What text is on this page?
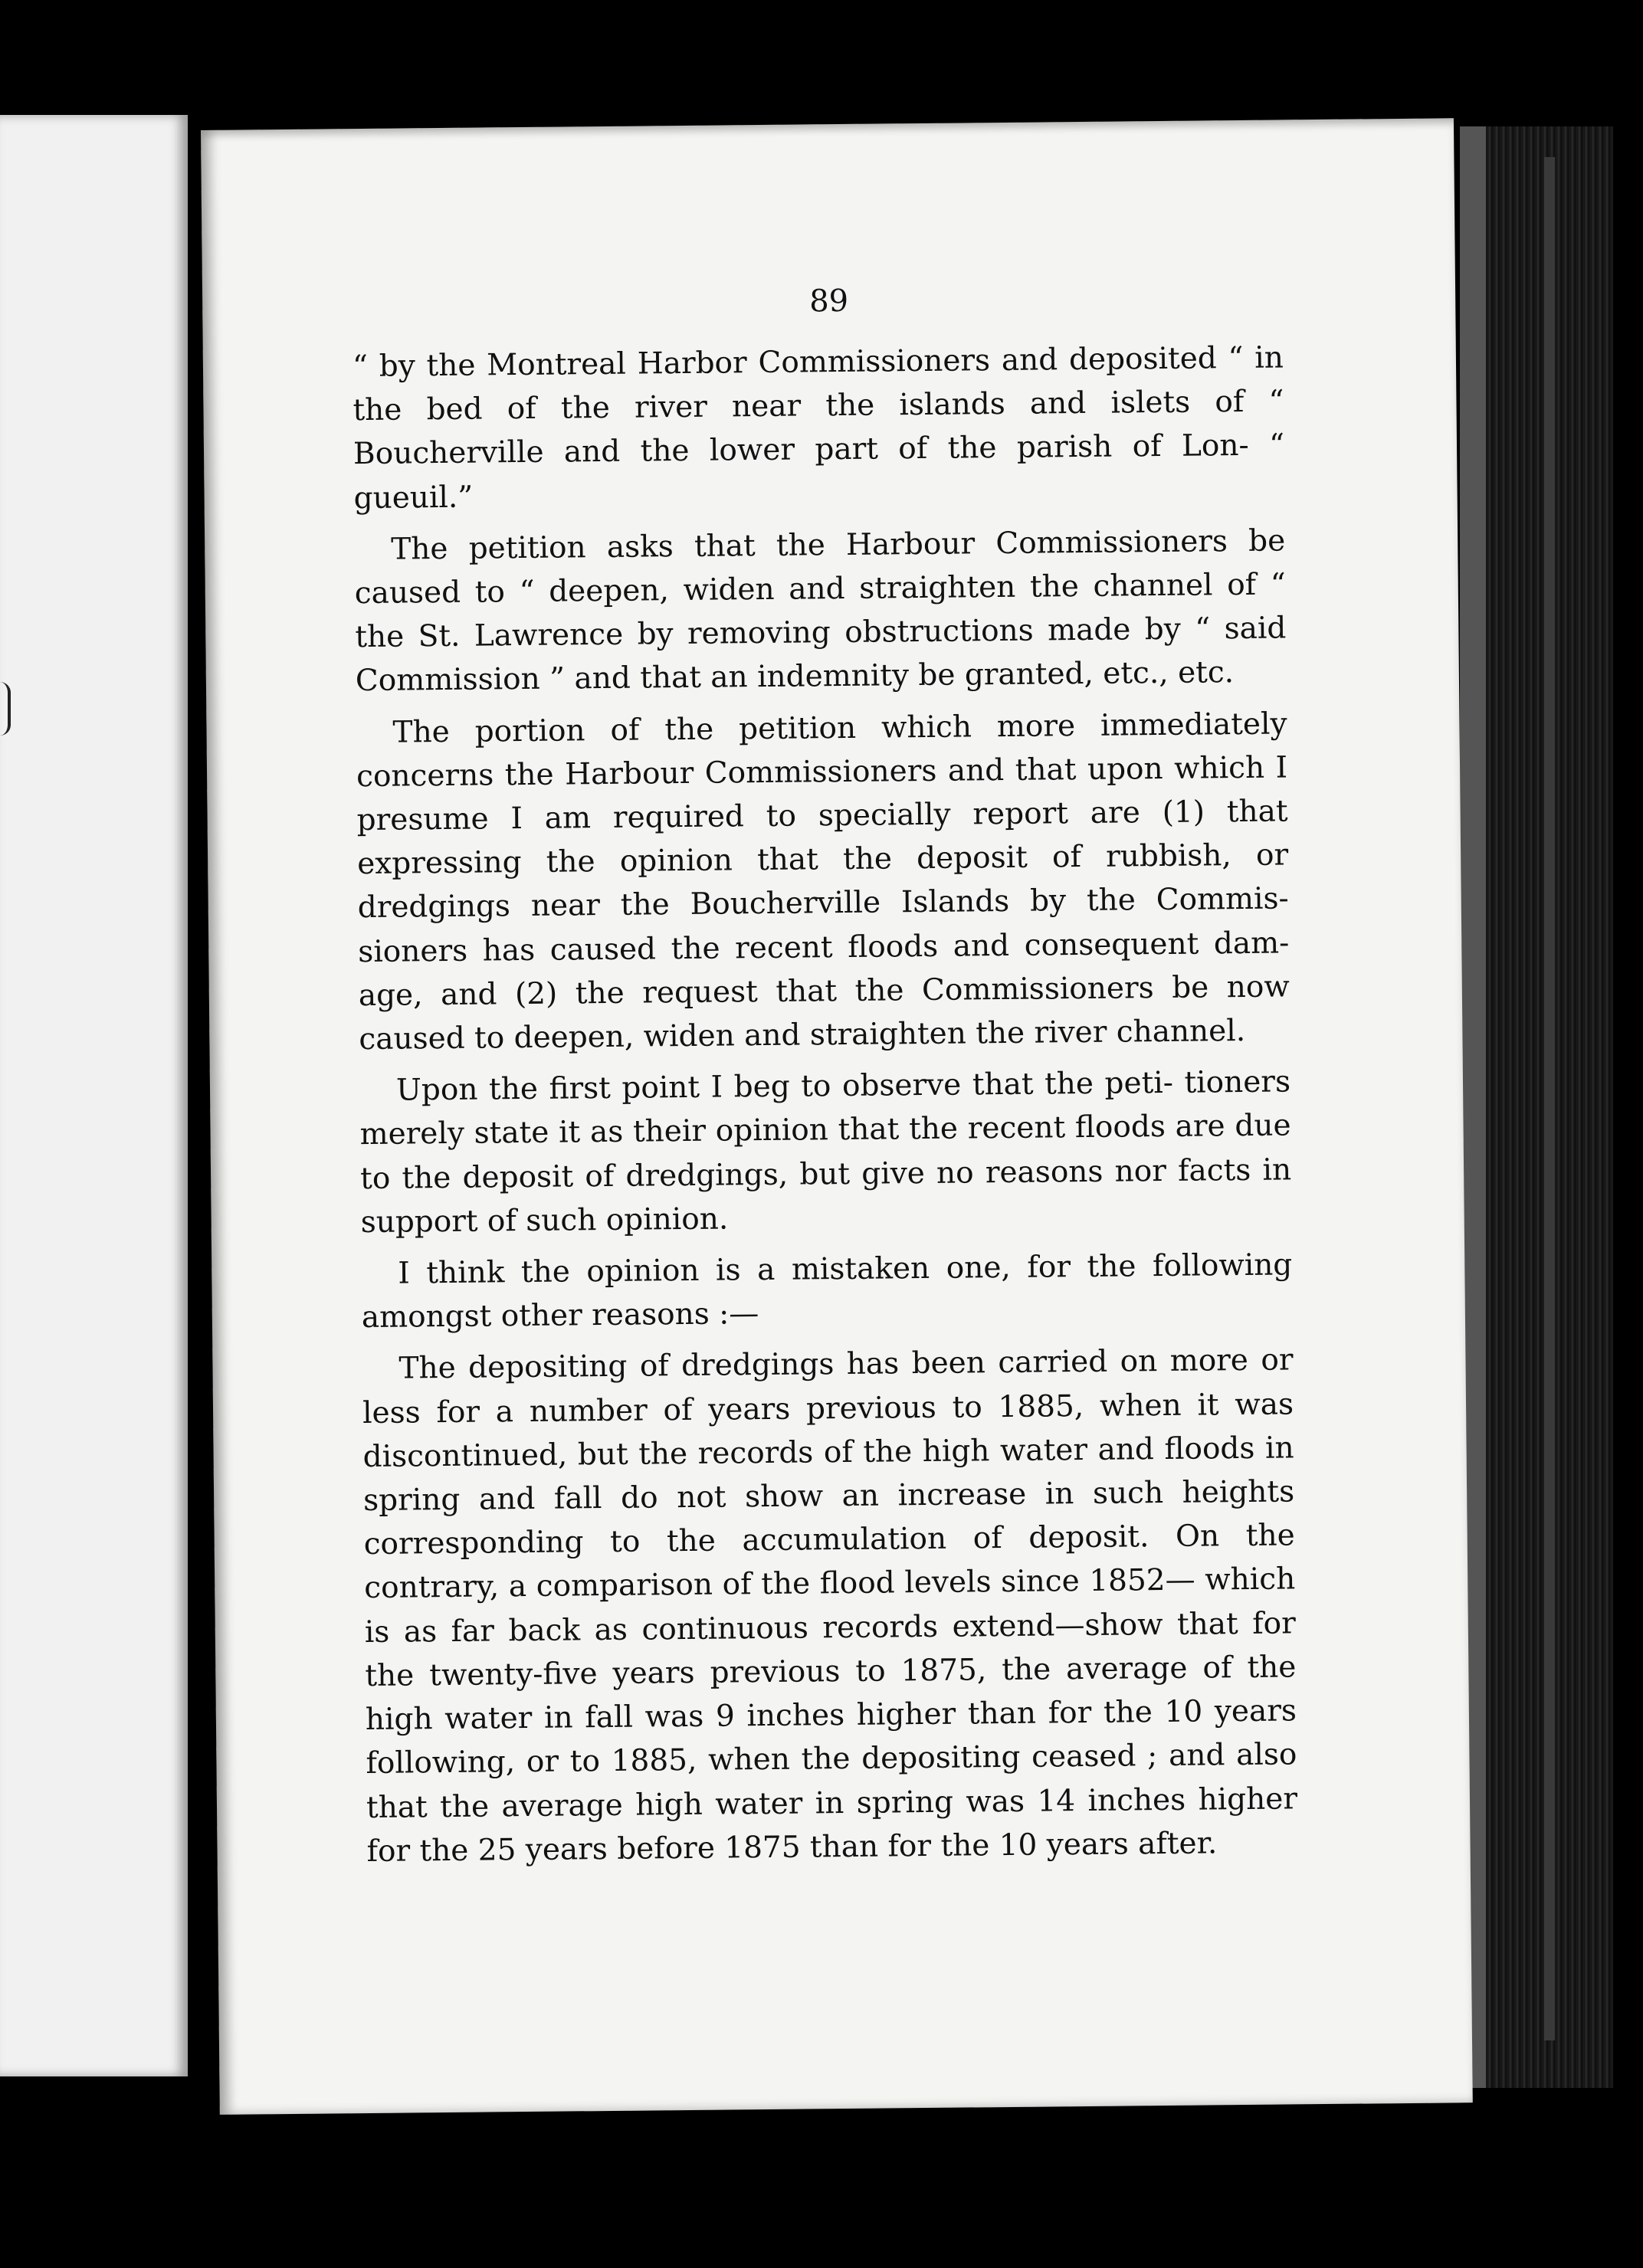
89

“ by the Montreal Harbor Commissioners and deposited “ in the bed of the river near the islands and islets of “ Boucherville and the lower part of the parish of Lon- “ gueuil.”

The petition asks that the Harbour Commissioners be caused to “ deepen, widen and straighten the channel of “ the St. Lawrence by removing obstructions made by “ said Commission ” and that an indemnity be granted, etc., etc.

The portion of the petition which more immediately concerns the Harbour Commissioners and that upon which I presume I am required to specially report are (1) that expressing the opinion that the deposit of rubbish, or dredgings near the Boucherville Islands by the Commis- sioners has caused the recent floods and consequent dam- age, and (2) the request that the Commissioners be now caused to deepen, widen and straighten the river channel.

Upon the first point I beg to observe that the peti- tioners merely state it as their opinion that the recent floods are due to the deposit of dredgings, but give no reasons nor facts in support of such opinion.

I think the opinion is a mistaken one, for the following amongst other reasons :—

The depositing of dredgings has been carried on more or less for a number of years previous to 1885, when it was discontinued, but the records of the high water and floods in spring and fall do not show an increase in such heights corresponding to the accumulation of deposit. On the contrary, a comparison of the flood levels since 1852— which is as far back as continuous records extend—show that for the twenty-five years previous to 1875, the average of the high water in fall was 9 inches higher than for the 10 years following, or to 1885, when the depositing ceased ; and also that the average high water in spring was 14 inches higher for the 25 years before 1875 than for the 10 years after.
